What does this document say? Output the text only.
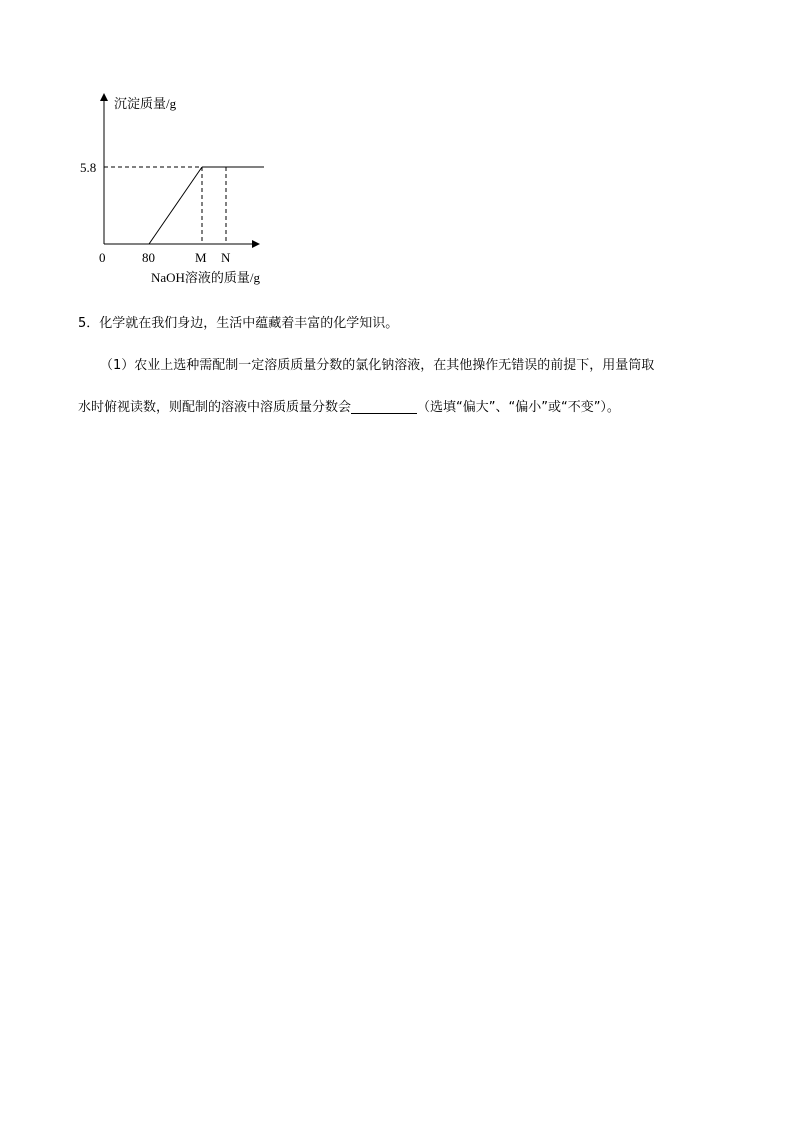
沉淀质量/g
5.8
0	80	M N
NaOH溶液的质量/g
5．化学就在我们身边，生活中蕴藏着丰富的化学知识。
（1）农业上选种需配制一定溶质质量分数的氯化钠溶液，在其他操作无错误的前提下，用量筒取
水时俯视读数，则配制的溶液中溶质质量分数会	（选填“偏大”、“偏小”或“不变”）。
